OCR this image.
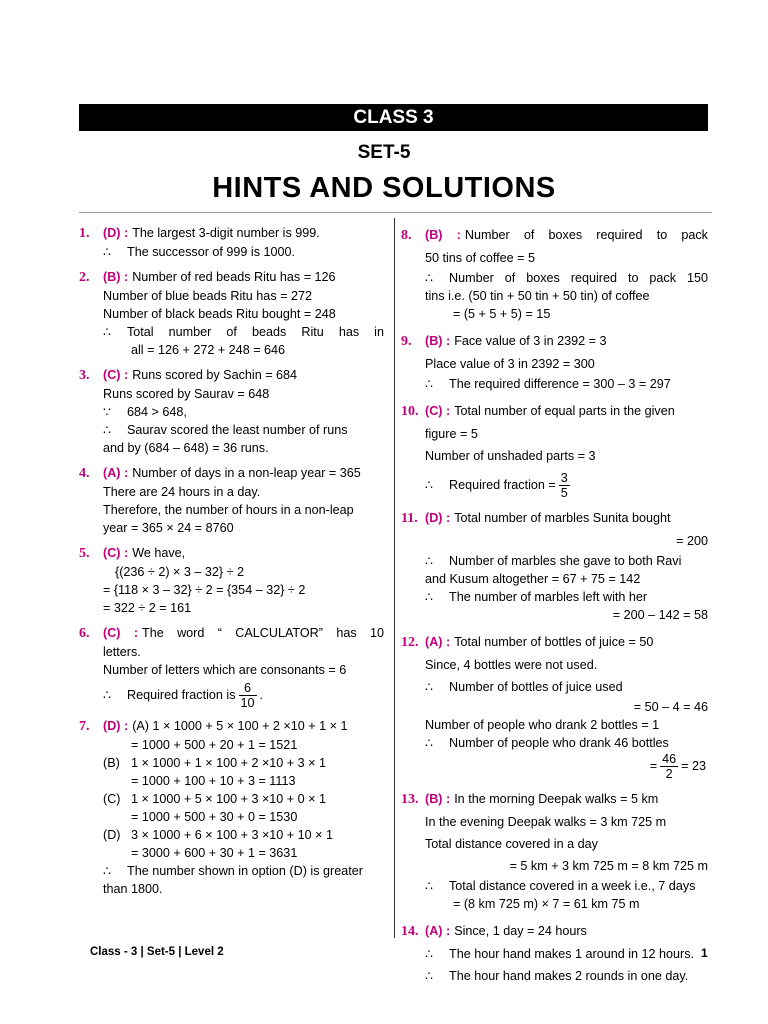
CLASS 3
SET-5
HINTS AND SOLUTIONS
1. (D) : The largest 3-digit number is 999.
∴ The successor of 999 is 1000.
2. (B) : Number of red beads Ritu has = 126
Number of blue beads Ritu has = 272
Number of black beads Ritu bought = 248
∴ Total number of beads Ritu has in
all = 126 + 272 + 248 = 646
3. (C) : Runs scored by Sachin = 684
Runs scored by Saurav = 648
∵ 684 > 648,
∴ Saurav scored the least number of runs
and by (684 – 648) = 36 runs.
4. (A) : Number of days in a non-leap year = 365
There are 24 hours in a day.
Therefore, the number of hours in a non-leap
year = 365 × 24 = 8760
5. (C) : We have,
{(236 ÷ 2) × 3 – 32} ÷ 2
= {118 × 3 – 32} ÷ 2 = {354 – 32} ÷ 2
= 322 ÷ 2 = 161
6. (C) : The word “ CALCULATOR” has 10
letters.
Number of letters which are consonants = 6
∴ Required fraction is $\frac{6}{10}$ .
7. (D) : (A) 1 × 1000 + 5 × 100 + 2 ×10 + 1 × 1
= 1000 + 500 + 20 + 1 = 1521
(B) 1 × 1000 + 1 × 100 + 2 ×10 + 3 × 1
= 1000 + 100 + 10 + 3 = 1113
(C) 1 × 1000 + 5 × 100 + 3 ×10 + 0 × 1
= 1000 + 500 + 30 + 0 = 1530
(D) 3 × 1000 + 6 × 100 + 3 ×10 + 10 × 1
= 3000 + 600 + 30 + 1 = 3631
∴ The number shown in option (D) is greater
than 1800.
8. (B) : Number of boxes required to pack
50 tins of coffee = 5
∴ Number of boxes required to pack 150
tins i.e. (50 tin + 50 tin + 50 tin) of coffee
= (5 + 5 + 5) = 15
9. (B) : Face value of 3 in 2392 = 3
Place value of 3 in 2392 = 300
∴ The required difference = 300 – 3 = 297
10. (C) : Total number of equal parts in the given
figure = 5
Number of unshaded parts = 3
∴ Required fraction = $\frac{3}{5}$
11. (D) : Total number of marbles Sunita bought
= 200
∴ Number of marbles she gave to both Ravi
and Kusum altogether = 67 + 75 = 142
∴ The number of marbles left with her
= 200 – 142 = 58
12. (A) : Total number of bottles of juice = 50
Since, 4 bottles were not used.
∴ Number of bottles of juice used
= 50 – 4 = 46
Number of people who drank 2 bottles = 1
∴ Number of people who drank 46 bottles
= $\frac{46}{2} = 23$
13. (B) : In the morning Deepak walks = 5 km
In the evening Deepak walks = 3 km 725 m
Total distance covered in a day
= 5 km + 3 km 725 m = 8 km 725 m
∴ Total distance covered in a week i.e., 7 days
= (8 km 725 m) × 7 = 61 km 75 m
14. (A) : Since, 1 day = 24 hours
∴ The hour hand makes 1 around in 12 hours.
∴ The hour hand makes 2 rounds in one day.
Class - 3 | Set-5 | Level 2	1
